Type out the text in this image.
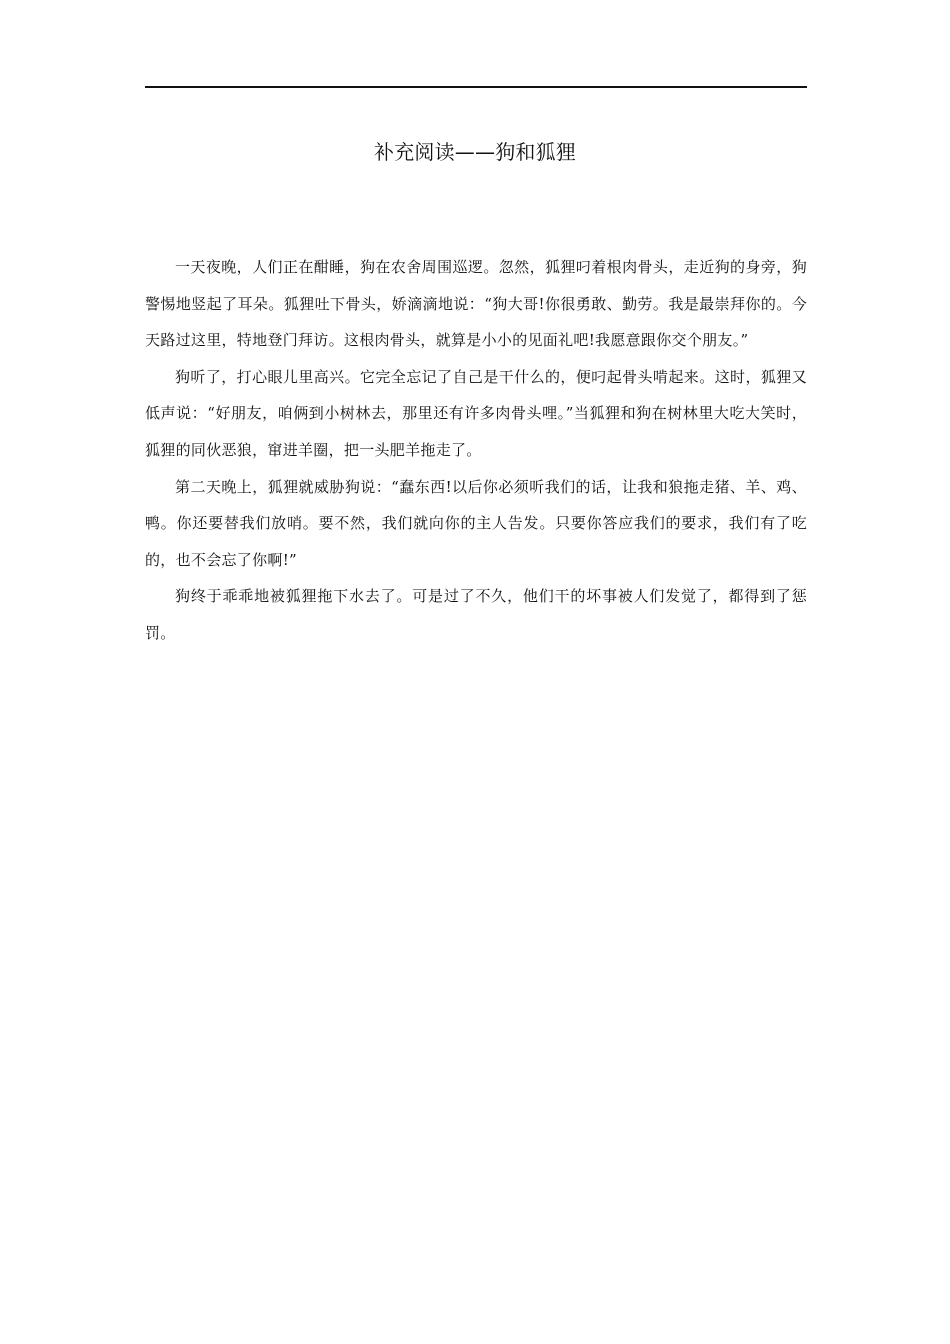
补充阅读——狗和狐狸

一天夜晚，人们正在酣睡，狗在农舍周围巡逻。忽然，狐狸叼着根肉骨头，走近狗的身旁，狗警惕地竖起了耳朵。狐狸吐下骨头，娇滴滴地说：“狗大哥!你很勇敢、勤劳。我是最崇拜你的。今天路过这里，特地登门拜访。这根肉骨头，就算是小小的见面礼吧!我愿意跟你交个朋友。”

狗听了，打心眼儿里高兴。它完全忘记了自己是干什么的，便叼起骨头啃起来。这时，狐狸又低声说：“好朋友，咱俩到小树林去，那里还有许多肉骨头哩。”当狐狸和狗在树林里大吃大笑时，狐狸的同伙恶狼，窜进羊圈，把一头肥羊拖走了。

第二天晚上，狐狸就威胁狗说：“蠢东西!以后你必须听我们的话，让我和狼拖走猪、羊、鸡、鸭。你还要替我们放哨。要不然，我们就向你的主人告发。只要你答应我们的要求，我们有了吃的，也不会忘了你啊!”

狗终于乖乖地被狐狸拖下水去了。可是过了不久，他们干的坏事被人们发觉了，都得到了惩罚。
